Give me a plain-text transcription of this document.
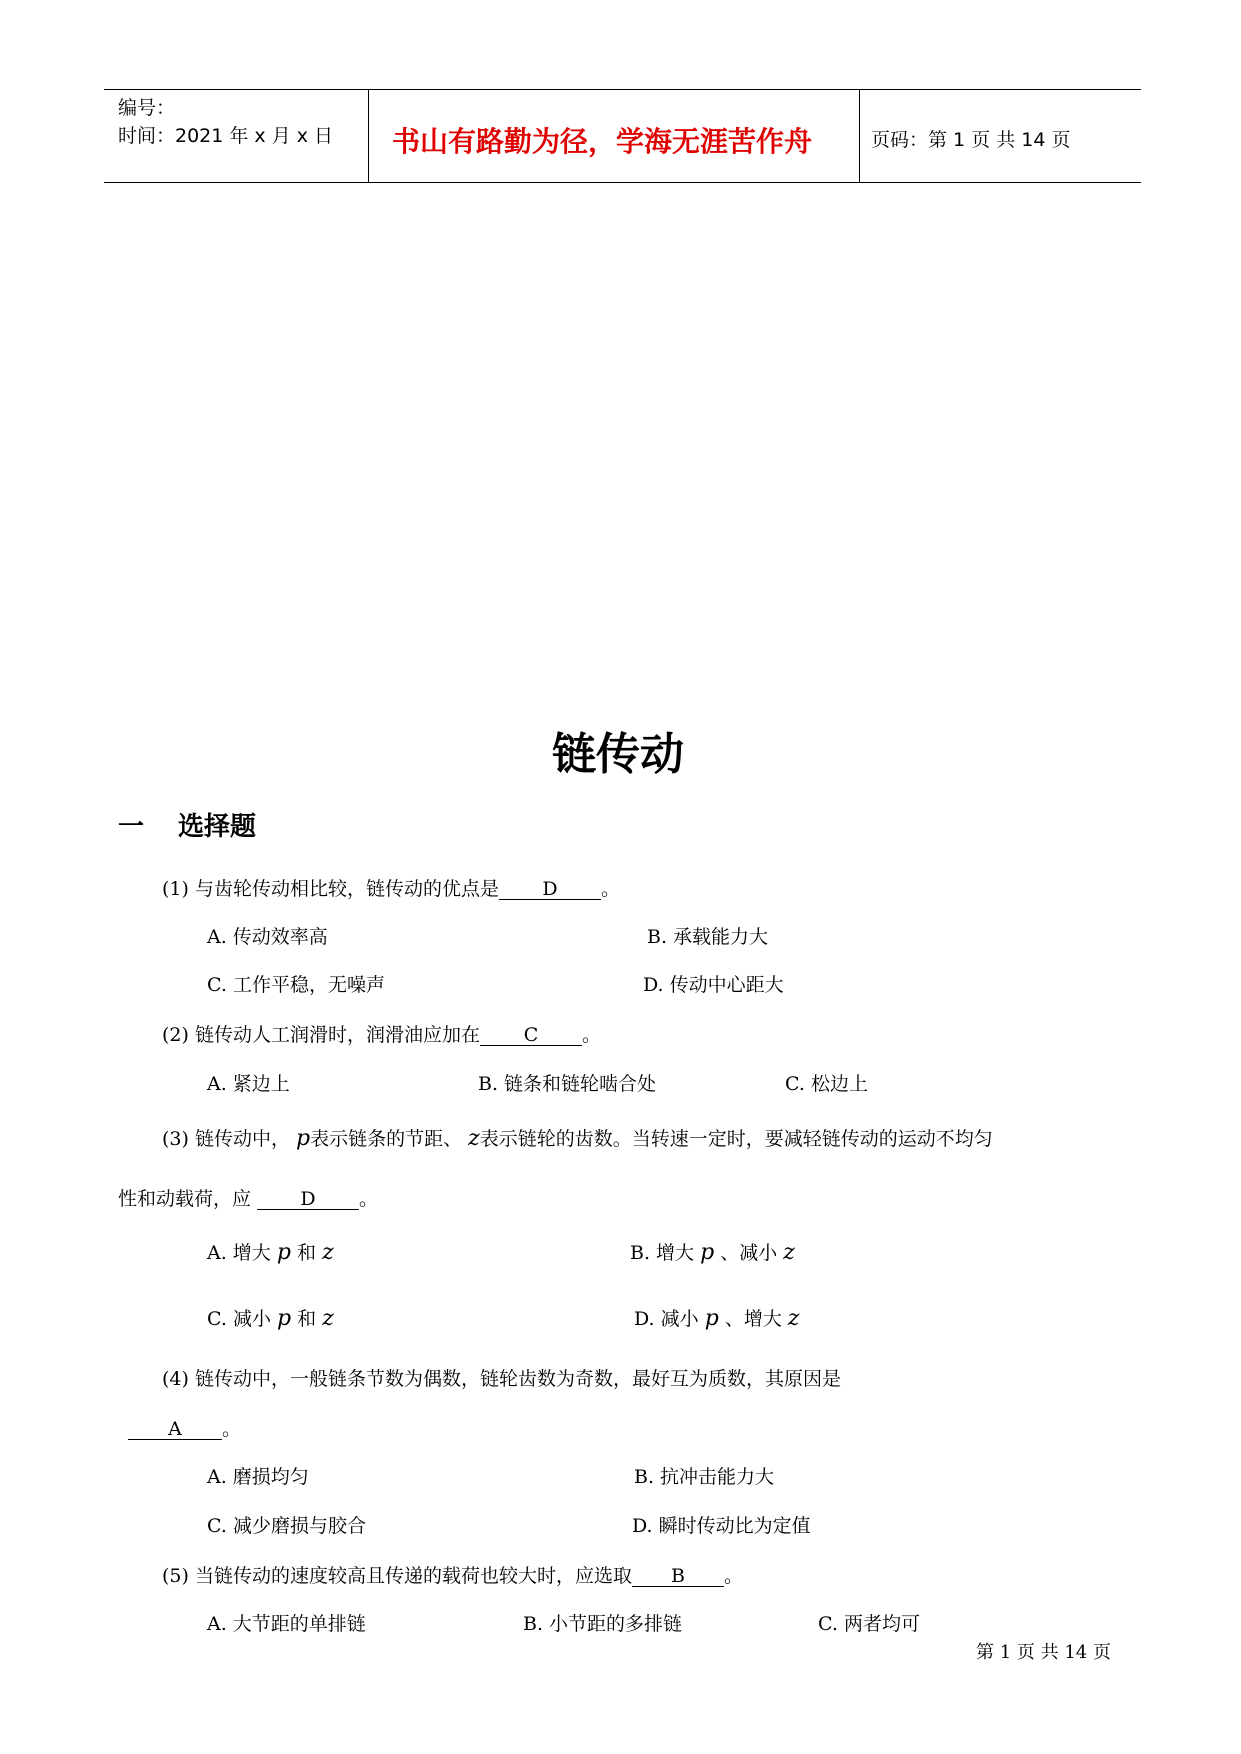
编号：
时间：2021 年 x 月 x 日 书山有路勤为径，学海无涯苦作舟	页码：第 1 页 共 14 页
链传动
一 选择题
(1) 与齿轮传动相比较，链传动的优点是 D 。
A. 传动效率高	B. 承载能力大
C. 工作平稳，无噪声	D. 传动中心距大
(2) 链传动人工润滑时，润滑油应加在 C 。
A. 紧边上	B. 链条和链轮啮合处	C. 松边上
(3) 链传动中， p表示链条的节距、 z表示链轮的齿数。当转速一定时，要减轻链传动的运动不均匀
性和动载荷，应 D 。
A. 增大 p 和 z	B. 增大 p 、减小 z
C. 减小 p 和 z	D. 减小 p 、增大 z
(4) 链传动中，一般链条节数为偶数，链轮齿数为奇数，最好互为质数，其原因是
A 。
A. 磨损均匀	B. 抗冲击能力大
C. 减少磨损与胶合	D. 瞬时传动比为定值
(5) 当链传动的速度较高且传递的载荷也较大时，应选取 B 。
A. 大节距的单排链	B. 小节距的多排链	C. 两者均可
第 1 页 共 14 页
